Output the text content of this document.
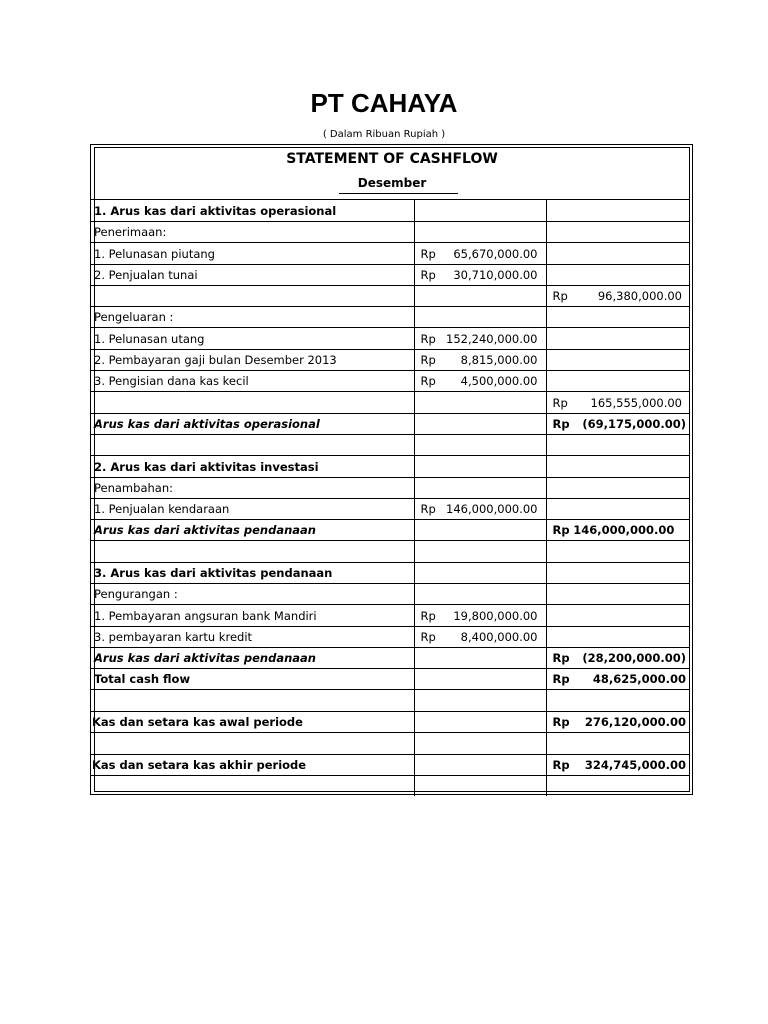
PT CAHAYA
( Dalam Ribuan Rupiah )
STATEMENT OF CASHFLOW
Desember
1. Arus kas dari aktivitas operasional		
Penerimaan:		
1. Pelunasan piutang	Rp 65,670,000.00	

2. Penjualan tunai	Rp 30,710,000.00	

		Rp 96,380,000.00

Pengeluaran :		
1. Pelunasan utang	Rp 152,240,000.00	

2. Pembayaran gaji bulan Desember 2013	Rp 8,815,000.00	

3. Pengisian dana kas kecil	Rp 4,500,000.00	

		Rp 165,555,000.00

Arus kas dari aktivitas operasional		Rp (69,175,000.00)

2. Arus kas dari aktivitas investasi		
Penambahan:		
1. Penjualan kendaraan	Rp 146,000,000.00	

Arus kas dari aktivitas pendanaan		Rp 146,000,000.00

3. Arus kas dari aktivitas pendanaan		
Pengurangan :		
1. Pembayaran angsuran bank Mandiri	Rp 19,800,000.00	

3. pembayaran kartu kredit	Rp 8,400,000.00	

Arus kas dari aktivitas pendanaan		Rp (28,200,000.00)

Total cash flow		Rp 48,625,000.00

Kas dan setara kas awal periode		Rp 276,120,000.00

Kas dan setara kas akhir periode		Rp 324,745,000.00
